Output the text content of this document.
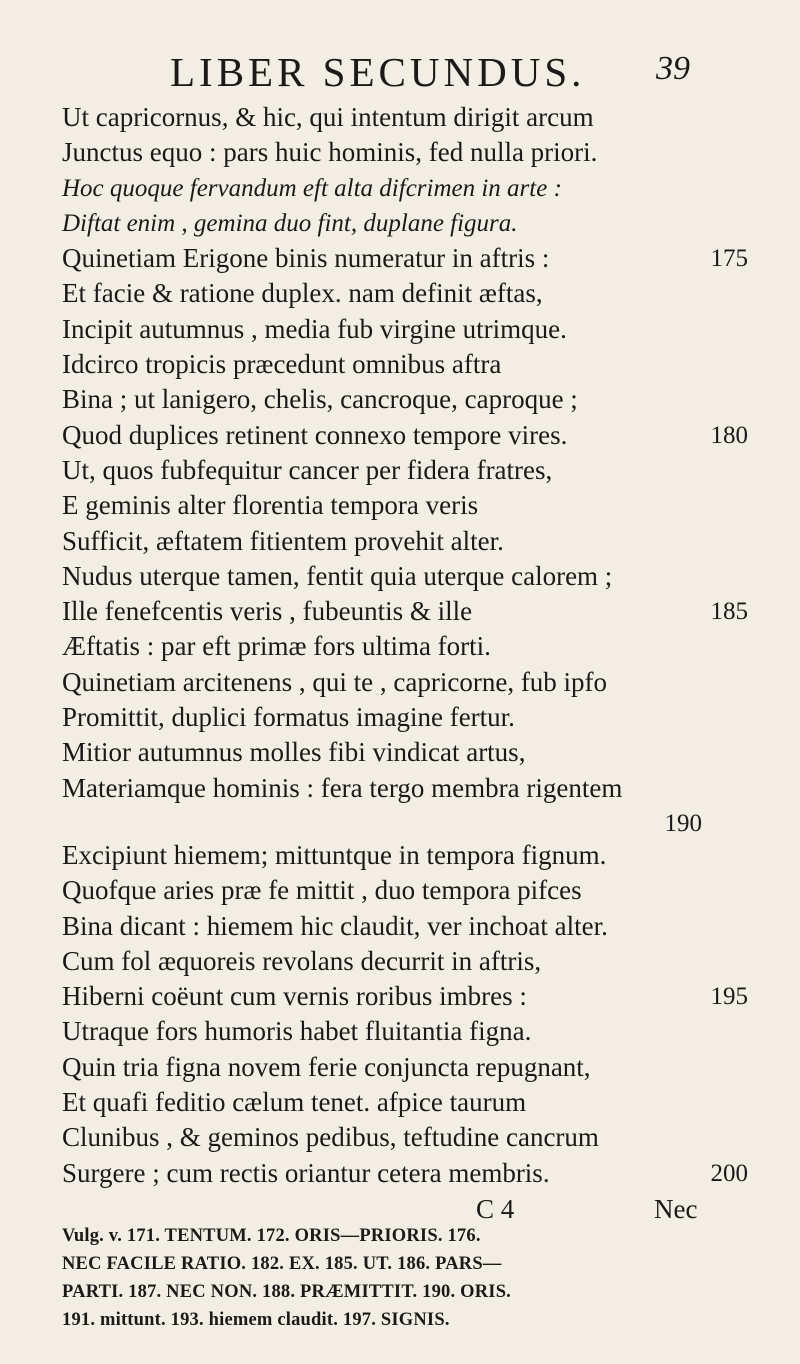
LIBER SECUNDUS. 39
Ut capricornus, & hic, qui intentum dirigit arcum
Junctus equo : pars huic hominis, fed nulla priori.
Hoc quoque fervandum eft alta difcrimen in arte :
Diftat enim , gemina duo fint, duplane figura.
Quinetiam Erigone binis numeratur in aftris :	175
Et facie & ratione duplex. nam definit æftas,
Incipit autumnus , media fub virgine utrimque.
Idcirco tropicis præcedunt omnibus aftra
Bina ; ut lanigero, chelis, cancroque, caproque ;
Quod duplices retinent connexo tempore vires.	180
Ut, quos fubfequitur cancer per fidera fratres,
E geminis alter florentia tempora veris
Sufficit, æftatem fitientem provehit alter.
Nudus uterque tamen, fentit quia uterque calorem ;
Ille fenefcentis veris , fubeuntis & ille	185
Æftatis : par eft primæ fors ultima forti.
Quinetiam arcitenens , qui te , capricorne, fub ipfo
Promittit, duplici formatus imagine fertur.
Mitior autumnus molles fibi vindicat artus,
Materiamque hominis : fera tergo membra rigentem
190
Excipiunt hiemem; mittuntque in tempora fignum.
Quofque aries præ fe mittit , duo tempora pifces
Bina dicant : hiemem hic claudit, ver inchoat alter.
Cum fol æquoreis revolans decurrit in aftris,
Hiberni coëunt cum vernis roribus imbres :	195
Utraque fors humoris habet fluitantia figna.
Quin tria figna novem ferie conjuncta repugnant,
Et quafi feditio cælum tenet. afpice taurum
Clunibus , & geminos pedibus, teftudine cancrum
Surgere ; cum rectis oriantur cetera membris.	200
C 4	Nec
Vulg. v. 171. TENTUM. 172. ORIS—PRIORIS. 176.
NEC FACILE RATIO. 182. EX. 185. UT. 186. PARS—
PARTI. 187. NEC NON. 188. PRÆMITTIT. 190. ORIS.
191. mittunt. 193. hiemem claudit. 197. SIGNIS.
